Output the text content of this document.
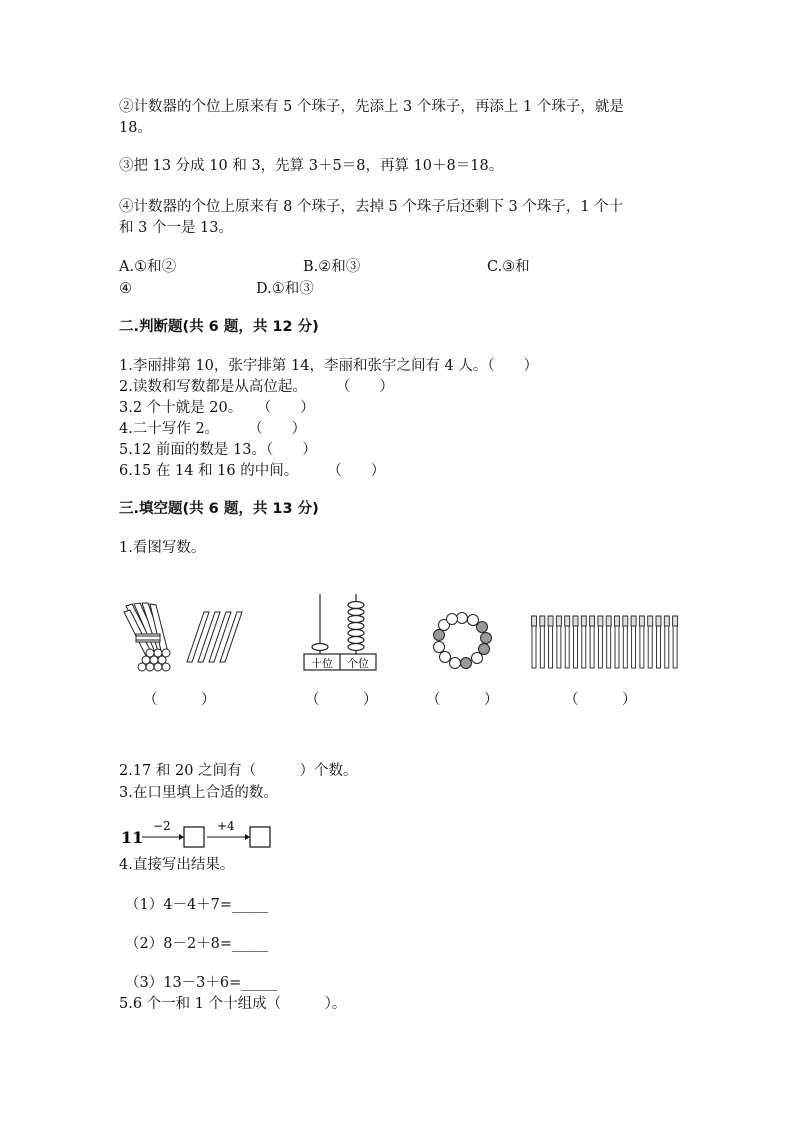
②计数器的个位上原来有 5 个珠子，先添上 3 个珠子，再添上 1 个珠子，就是
18。
③把 13 分成 10 和 3，先算 3＋5＝8，再算 10＋8＝18。
④计数器的个位上原来有 8 个珠子，去掉 5 个珠子后还剩下 3 个珠子，1 个十
和 3 个一是 13。
A.①和②	B.②和③	C.③和
④	D.①和③
二.判断题(共 6 题，共 12 分)
1.李丽排第 10，张宇排第 14，李丽和张宇之间有 4 人。（　　）
2.读数和写数都是从高位起。　　　（　　）
3.2 个十就是 20。　　（　　）
4.二十写作 2。　　　（　　）
5.12 前面的数是 13。（　　）
6.15 在 14 和 16 的中间。　　　（　　）
三.填空题(共 6 题，共 13 分)
1.看图写数。
十位 个位
（　　　）	（　　　）	（　　　）	（　　　）
2.17 和 20 之间有（　　　）个数。
3.在口里填上合适的数。
11
−2	+4
4.直接写出结果。
（1）4－4＋7=_____
（2）8－2＋8=_____
（3）13－3＋6=_____
5.6 个一和 1 个十组成（　　　）。
